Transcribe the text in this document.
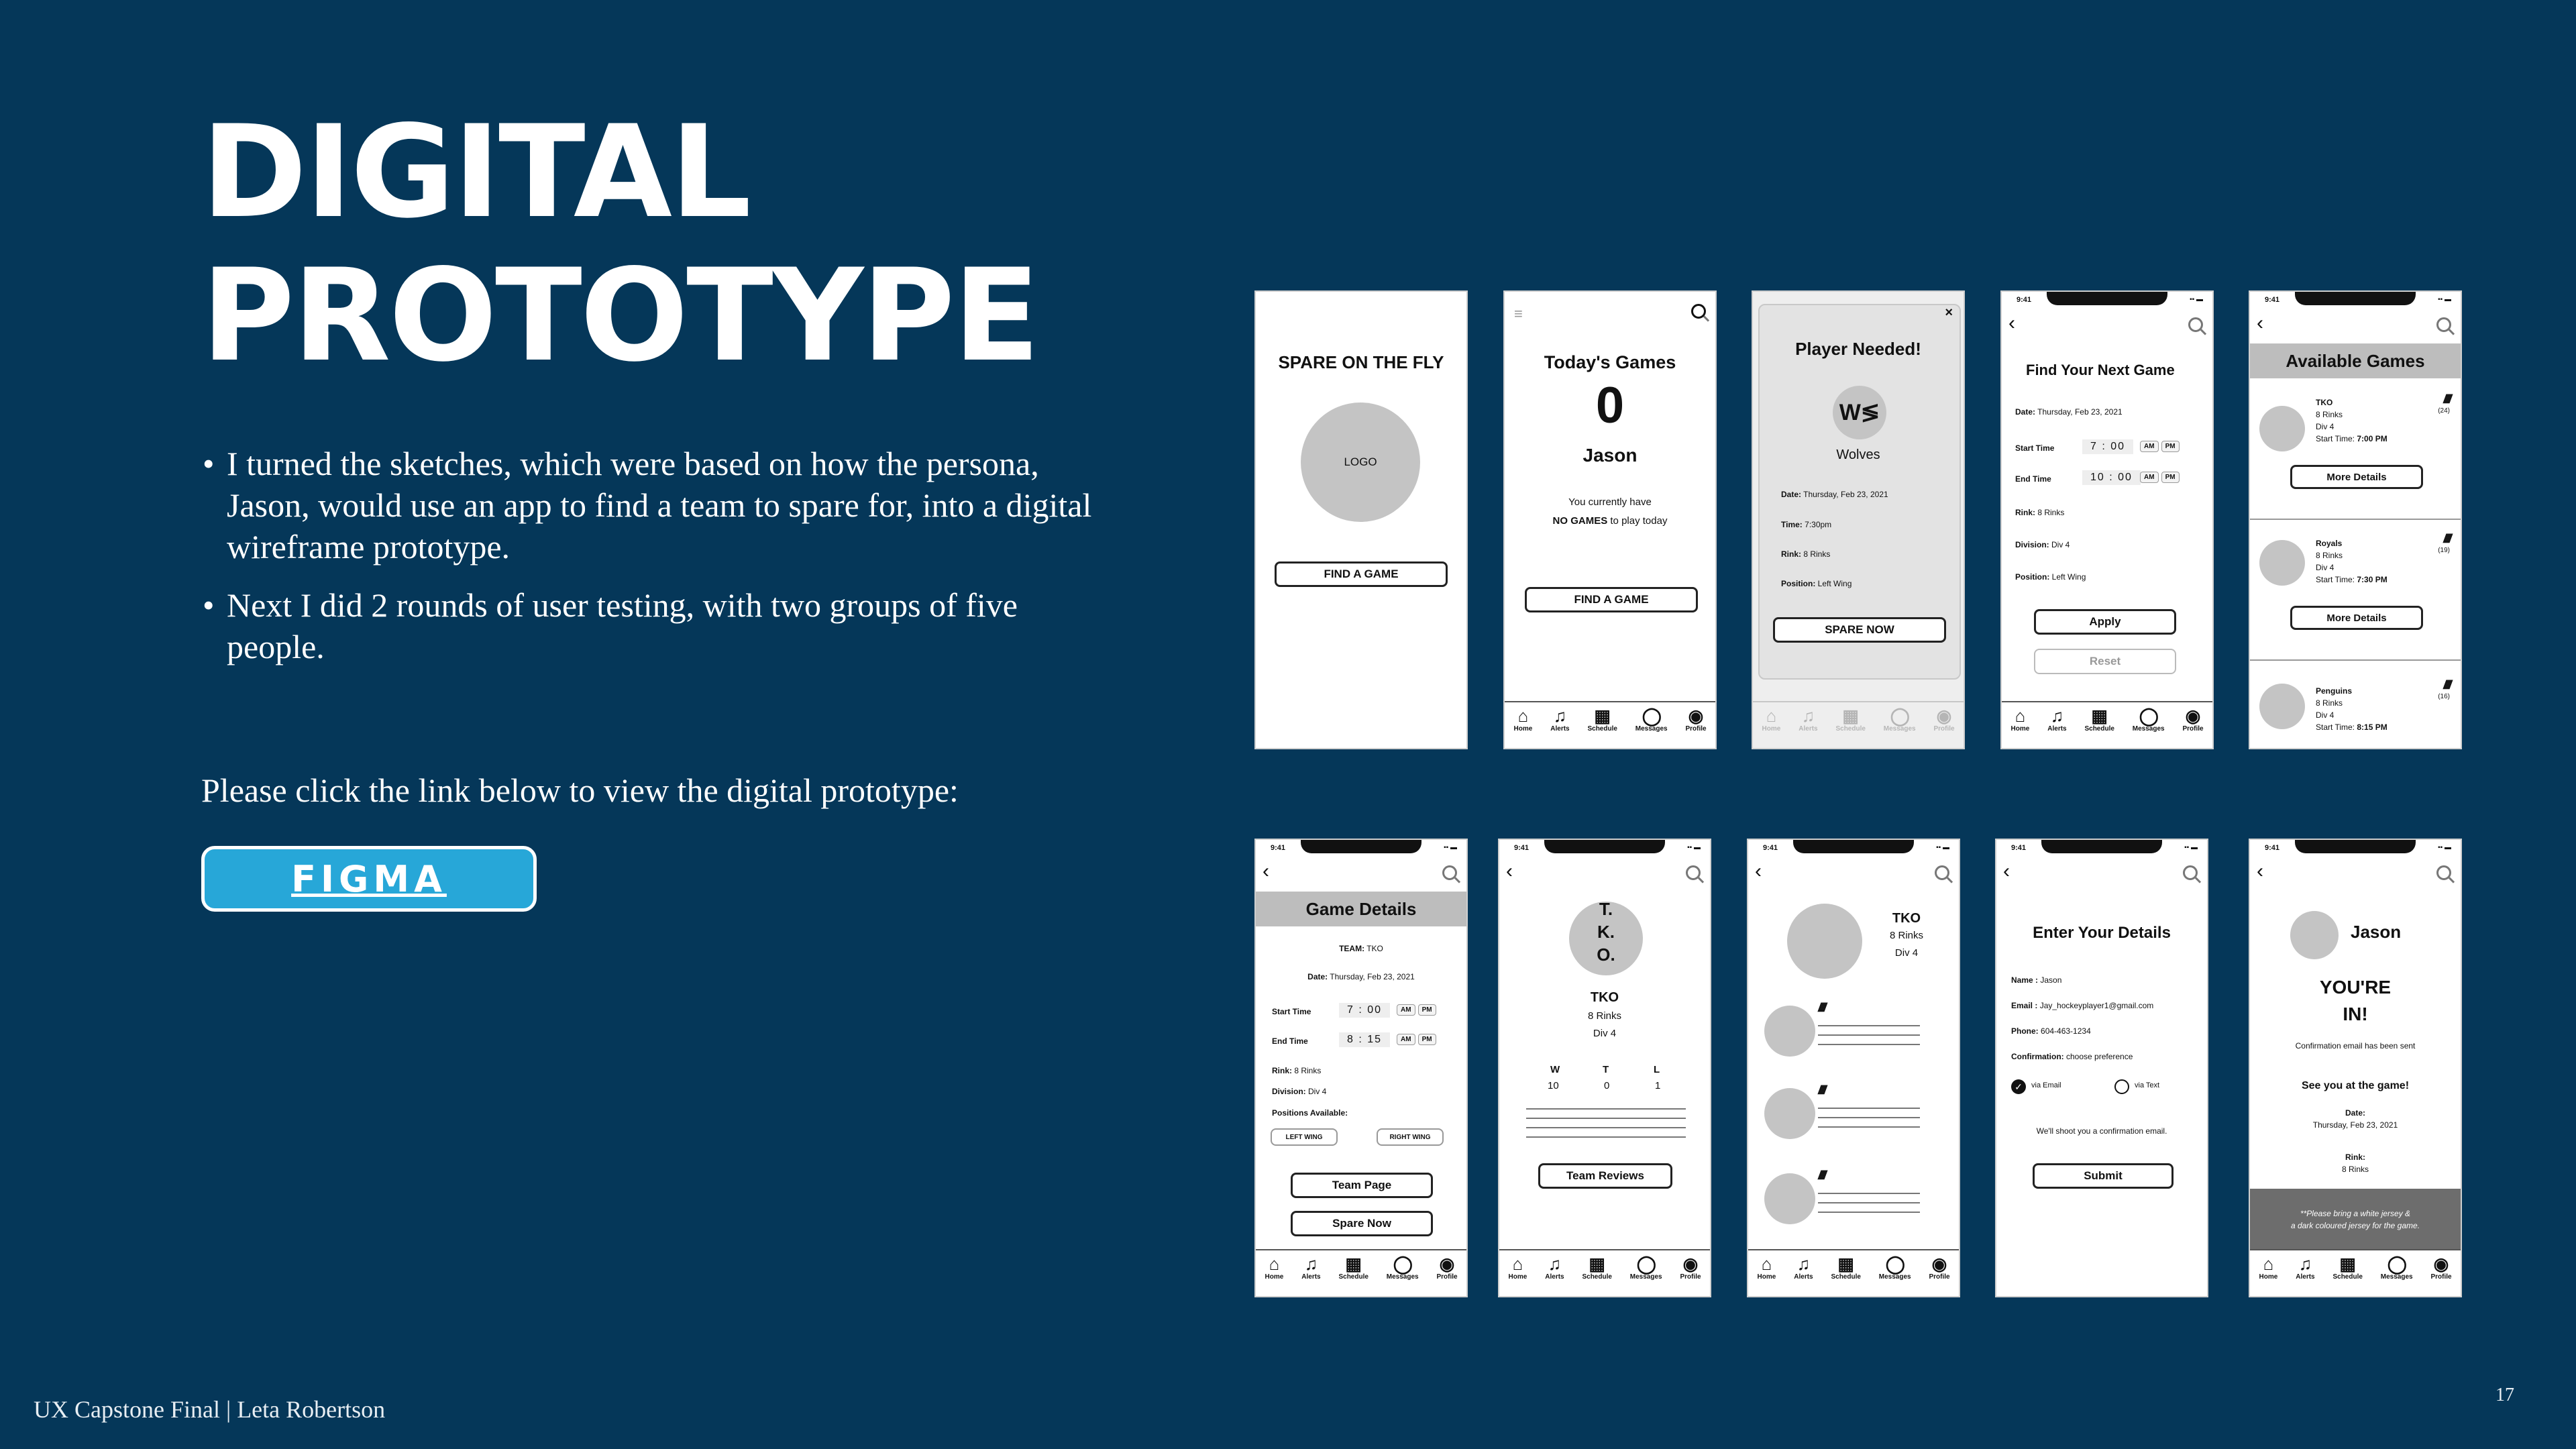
DIGITAL
PROTOTYPE
• I turned the sketches, which were based on how the persona, Jason, would use an app to find a team to spare for, into a digital wireframe prototype.
• Next I did 2 rounds of user testing, with two groups of five people.
Please click the link below to view the digital prototype:
FIGMA
UX Capstone Final | Leta Robertson
17
SPARE ON THE FLY
LOGO
FIND A GAME
≡
Today's Games
0
Jason
You currently have
NO GAMES to play today
FIND A GAME
⌂
Home
♫
Alerts
▦
Schedule
◯
Messages
◉
Profile
×
Player Needed!
W≶
Wolves
Date: Thursday, Feb 23, 2021
Time: 7:30pm
Rink: 8 Rinks
Position: Left Wing
SPARE NOW
⌂
Home
♫
Alerts
▦
Schedule
◯
Messages
◉
Profile
9:41	▪▪ ▬
‹
Find Your Next Game
Date: Thursday, Feb 23, 2021
Start Time	7 : 00	AM	PM
End Time	10 : 00	AM	PM
Rink: 8 Rinks
Division: Div 4
Position: Left Wing
Apply
Reset
⌂
Home
♫
Alerts
▦
Schedule
◯
Messages
◉
Profile
9:41	▪▪ ▬
‹
Available Games
TKO	/////
(24)
8 Rinks
Div 4
Start Time: 7:00 PM
More Details
Royals	/////
(19)
8 Rinks
Div 4
Start Time: 7:30 PM
More Details
Penguins	/////
(16)
8 Rinks
Div 4
Start Time: 8:15 PM
9:41	▪▪ ▬
‹
Game Details
TEAM: TKO
Date: Thursday, Feb 23, 2021
Start Time	7 : 00	AM	PM
End Time	8 : 15	AM	PM
Rink: 8 Rinks
Division: Div 4
Positions Available:
LEFT WING	RIGHT WING
Team Page
Spare Now
⌂
Home
♫
Alerts
▦
Schedule
◯
Messages
◉
Profile
9:41	▪▪ ▬
‹
T.
K.
O.
TKO
8 Rinks
Div 4
W	T	L
10	0	1
Team Reviews
⌂
Home
♫
Alerts
▦
Schedule
◯
Messages
◉
Profile
9:41	▪▪ ▬
‹
TKO
8 Rinks
Div 4
/////
/////
/////
⌂
Home
♫
Alerts
▦
Schedule
◯
Messages
◉
Profile
9:41	▪▪ ▬
‹
Enter Your Details
Name : Jason
Email : Jay_hockeyplayer1@gmail.com
Phone: 604-463-1234
Confirmation: choose preference
✓	via Email	via Text
We'll shoot you a confirmation email.
Submit
9:41	▪▪ ▬
‹
Jason
YOU'RE
IN!
Confirmation email has been sent
See you at the game!
Date:
Thursday, Feb 23, 2021
Rink:
8 Rinks
**Please bring a white jersey &
a dark coloured jersey for the game.
⌂
Home
♫
Alerts
▦
Schedule
◯
Messages
◉
Profile
